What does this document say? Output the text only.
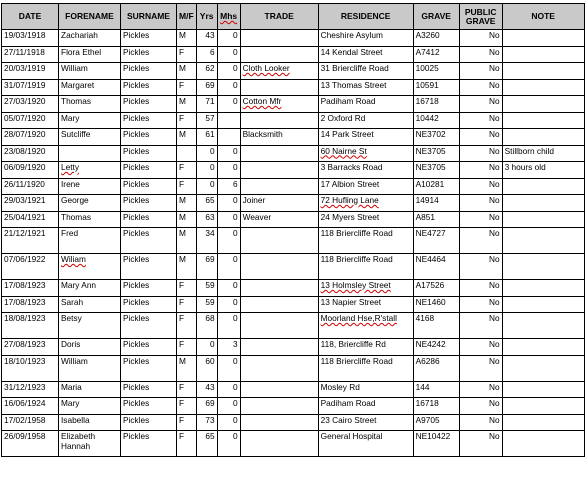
DATE	FORENAME	SURNAME	M/F	Yrs	Mhs	TRADE	RESIDENCE	GRAVE	PUBLIC GRAVE	NOTE
19/03/1918	Zachariah	Pickles	M	43	0		Cheshire Asylum	A3260	No	
27/11/1918	Flora Ethel	Pickles	F	6	0		14 Kendal Street	A7412	No	
20/03/1919	William	Pickles	M	62	0	Cloth Looker	31 Briercliffe Road	10025	No	
31/07/1919	Margaret	Pickles	F	69	0		13 Thomas Street	10591	No	
27/03/1920	Thomas	Pickles	M	71	0	Cotton Mfr	Padiham Road	16718	No	
05/07/1920	Mary	Pickles	F	57			2 Oxford Rd	10442	No	
28/07/1920	Sutcliffe	Pickles	M	61		Blacksmith	14 Park Street	NE3702	No	
23/08/1920		Pickles		0	0		60 Nairne St	NE3705	No	Stillborn child
06/09/1920	Letty	Pickles	F	0	0		3 Barracks Road	NE3705	No	3 hours old
26/11/1920	Irene	Pickles	F	0	6		17 Albion Street	A10281	No	
29/03/1921	George	Pickles	M	65	0	Joiner	72 Hufling Lane	14914	No	
25/04/1921	Thomas	Pickles	M	63	0	Weaver	24 Myers Street	A851	No	
21/12/1921	Fred	Pickles	M	34	0		118 Briercliffe Road	NE4727	No	
07/06/1922	Wiliam	Pickles	M	69	0		118 Briercliffe Road	NE4464	No	
17/08/1923	Mary Ann	Pickles	F	59	0		13 Holmsley Street	A17526	No	
17/08/1923	Sarah	Pickles	F	59	0		13 Napier Street	NE1460	No	
18/08/1923	Betsy	Pickles	F	68	0		Moorland Hse,R'stall	4168	No	
27/08/1923	Doris	Pickles	F	0	3		118, Briercliffe Rd	NE4242	No	
18/10/1923	William	Pickles	M	60	0		118 Briercliffe Road	A6286	No	
31/12/1923	Maria	Pickles	F	43	0		Mosley Rd	144	No	
16/06/1924	Mary	Pickles	F	69	0		Padiham Road	16718	No	
17/02/1958	Isabella	Pickles	F	73	0		23 Cairo Street	A9705	No	
26/09/1958	Elizabeth Hannah	Pickles	F	65	0		General Hospital	NE10422	No	
